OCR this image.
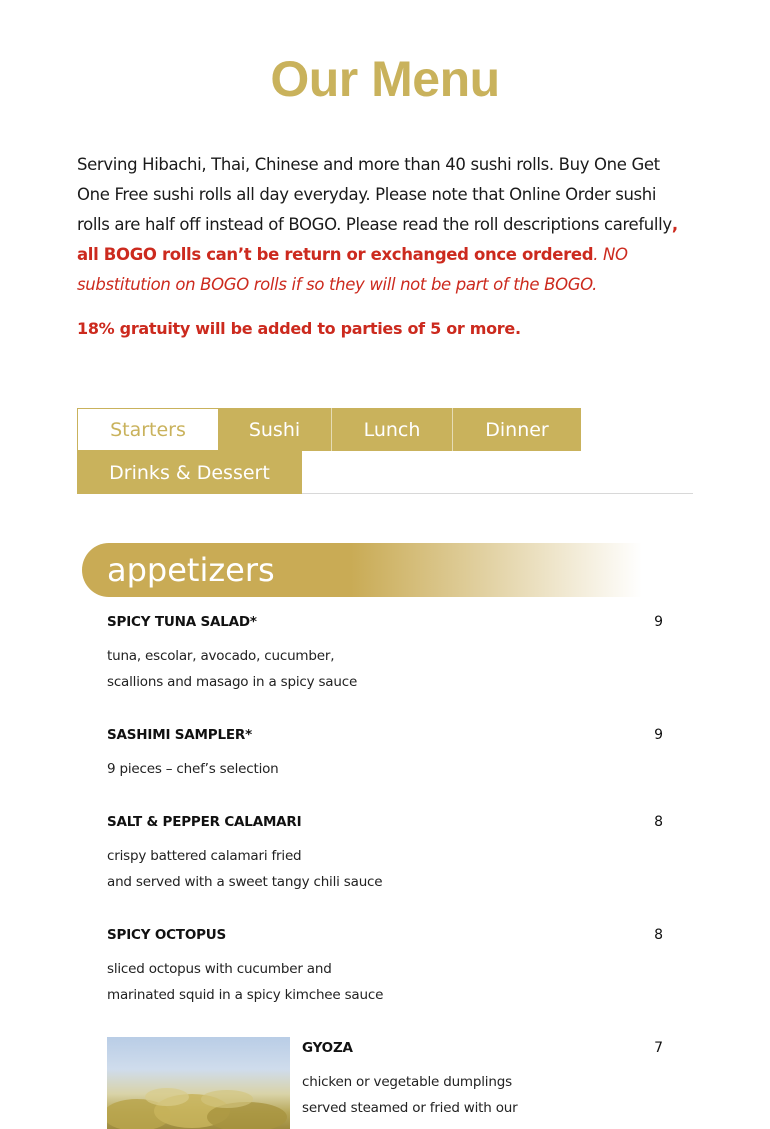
Our Menu
Serving Hibachi, Thai, Chinese and more than 40 sushi rolls. Buy One Get One Free sushi rolls all day everyday. Please note that Online Order sushi rolls are half off instead of BOGO. Please read the roll descriptions carefully, all BOGO rolls can’t be return or exchanged once ordered. NO substitution on BOGO rolls if so they will not be part of the BOGO.
18% gratuity will be added to parties of 5 or more.
Starters	Sushi	Lunch	Dinner
Drinks & Dessert
appetizers
SPICY TUNA SALAD*	9
tuna, escolar, avocado, cucumber,
scallions and masago in a spicy sauce
SASHIMI SAMPLER*	9
9 pieces – chef’s selection
SALT & PEPPER CALAMARI	8
crispy battered calamari fried
and served with a sweet tangy chili sauce
SPICY OCTOPUS	8
sliced octopus with cucumber and
marinated squid in a spicy kimchee sauce
GYOZA	7
chicken or vegetable dumplings
served steamed or fried with our
